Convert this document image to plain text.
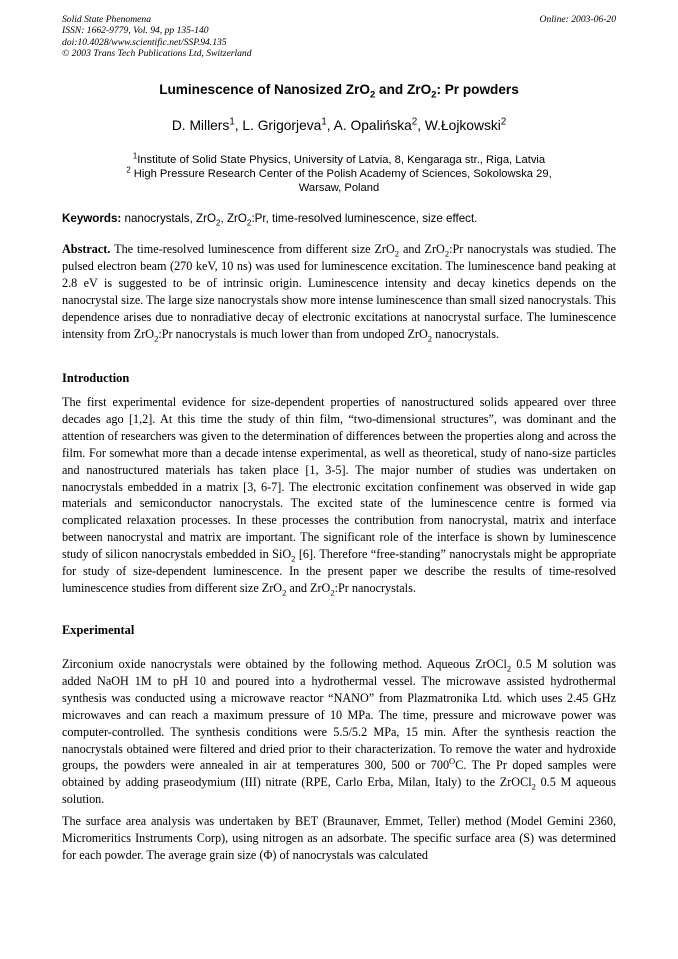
Solid State Phenomena
ISSN: 1662-9779, Vol. 94, pp 135-140
doi:10.4028/www.scientific.net/SSP.94.135
© 2003 Trans Tech Publications Ltd, Switzerland
Online: 2003-06-20
Luminescence of Nanosized ZrO$_2$ and ZrO$_2$: Pr powders
D. Millers$^1$, L. Grigorjeva$^1$, A. Opalińska$^2$, W.Łojkowski$^2$
$^1$Institute of Solid State Physics, University of Latvia, 8, Kengaraga str., Riga, Latvia
$^2$ High Pressure Research Center of the Polish Academy of Sciences, Sokolowska 29,
Warsaw, Poland
Keywords: nanocrystals, ZrO$_2$, ZrO$_2$:Pr, time-resolved luminescence, size effect.

Abstract. The time-resolved luminescence from different size ZrO$_2$ and ZrO$_2$:Pr nanocrystals was studied. The pulsed electron beam (270 keV, 10 ns) was used for luminescence excitation. The luminescence band peaking at 2.8 eV is suggested to be of intrinsic origin. Luminescence intensity and decay kinetics depends on the nanocrystal size. The large size nanocrystals show more intense luminescence than small sized nanocrystals. This dependence arises due to nonradiative decay of electronic excitations at nanocrystal surface. The luminescence intensity from ZrO$_2$:Pr nanocrystals is much lower than from undoped ZrO$_2$ nanocrystals.

Introduction

The first experimental evidence for size-dependent properties of nanostructured solids appeared over three decades ago [1,2]. At this time the study of thin film, “two-dimensional structures”, was dominant and the attention of researchers was given to the determination of differences between the properties along and across the film. For somewhat more than a decade intense experimental, as well as theoretical, study of nano-size particles and nanostructured materials has taken place [1, 3-5]. The major number of studies was undertaken on nanocrystals embedded in a matrix [3, 6-7]. The electronic excitation confinement was observed in wide gap materials and semiconductor nanocrystals. The excited state of the luminescence centre is formed via complicated relaxation processes. In these processes the contribution from nanocrystal, matrix and interface between nanocrystal and matrix are important. The significant role of the interface is shown by luminescence study of silicon nanocrystals embedded in SiO$_2$ [6]. Therefore “free-standing” nanocrystals might be appropriate for study of size-dependent luminescence. In the present paper we describe the results of time-resolved luminescence studies from different size ZrO$_2$ and ZrO$_2$:Pr nanocrystals.

Experimental

Zirconium oxide nanocrystals were obtained by the following method. Aqueous ZrOCl$_2$ 0.5 M solution was added NaOH 1M to pH 10 and poured into a hydrothermal vessel. The microwave assisted hydrothermal synthesis was conducted using a microwave reactor “NANO” from Plazmatronika Ltd. which uses 2.45 GHz microwaves and can reach a maximum pressure of 10 MPa. The time, pressure and microwave power was computer-controlled. The synthesis conditions were 5.5/5.2 MPa, 15 min. After the synthesis reaction the nanocrystals obtained were filtered and dried prior to their characterization. To remove the water and hydroxide groups, the powders were annealed in air at temperatures 300, 500 or $700^OC$. The Pr doped samples were obtained by adding praseodymium (III) nitrate (RPE, Carlo Erba, Milan, Italy) to the ZrOCl$_2$ 0.5 M aqueous solution.

The surface area analysis was undertaken by BET (Braunaver, Emmet, Teller) method (Model Gemini 2360, Micromeritics Instruments Corp), using nitrogen as an adsorbate. The specific surface area (S) was determined for each powder. The average grain size (Φ) of nanocrystals was calculated
